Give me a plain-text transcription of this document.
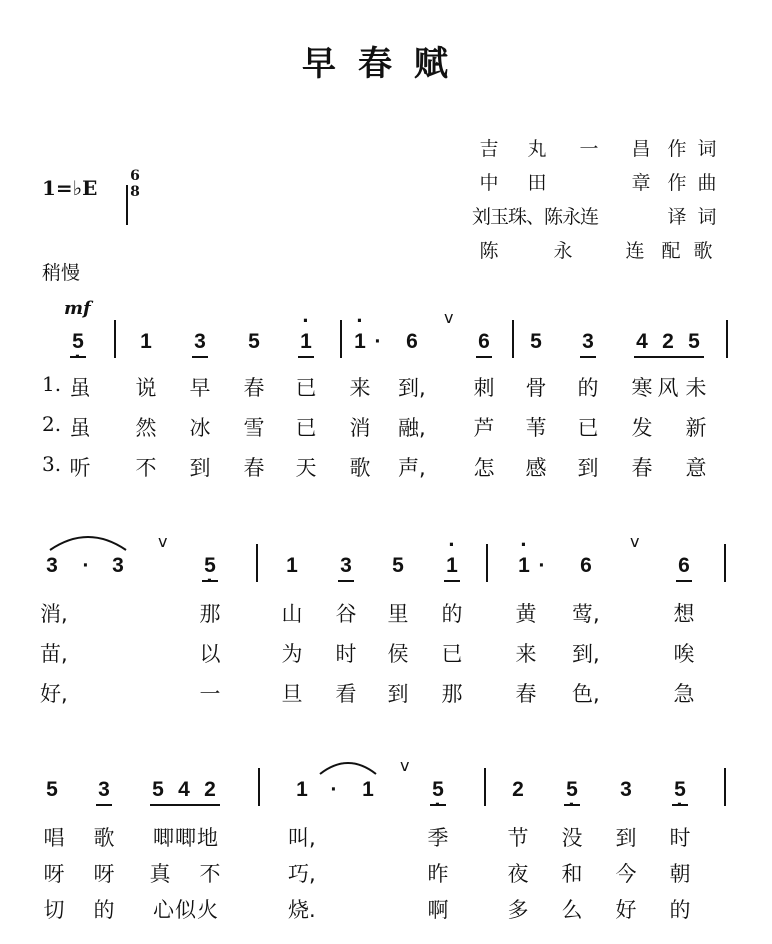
早春赋
吉 丸 一 昌 作 词
中 田	章 作 曲
刘玉珠、陈永连	译 词
陈	永	连 配 歌
1=♭E 6
8
稍慢
mf
5 ·	1 3 5 · 1 · 1 ·	6
v
6 5 3 4 2 5
1. 虽 说 早 春 已 来 到,	刺 骨 的 寒 风 未
2. 虽 然 冰 雪 已 消 融,	芦 苇 已 发 新
3. 听 不 到 春 天 歌 声,	怎 感 到 春 意
3	·	3
v
5 ·	1 3 5 · 1	· 1 ·	6
v
6
消,	那	山 谷 里 的	黄 莺,	想
苗,	以	为 时 侯 已	来 到,	唉
好,	一	旦 看 到 那	春 色,	急
5 3 5 4 2	1	·	1
v
5 ·	2 5 · 3 5 ·
唱 歌	唧唧地	叫,	季	节 没 到 时
呀 呀 真 不	巧,	昨	夜 和 今 朝
切 的	心似火	烧.	啊	多 么 好 的
